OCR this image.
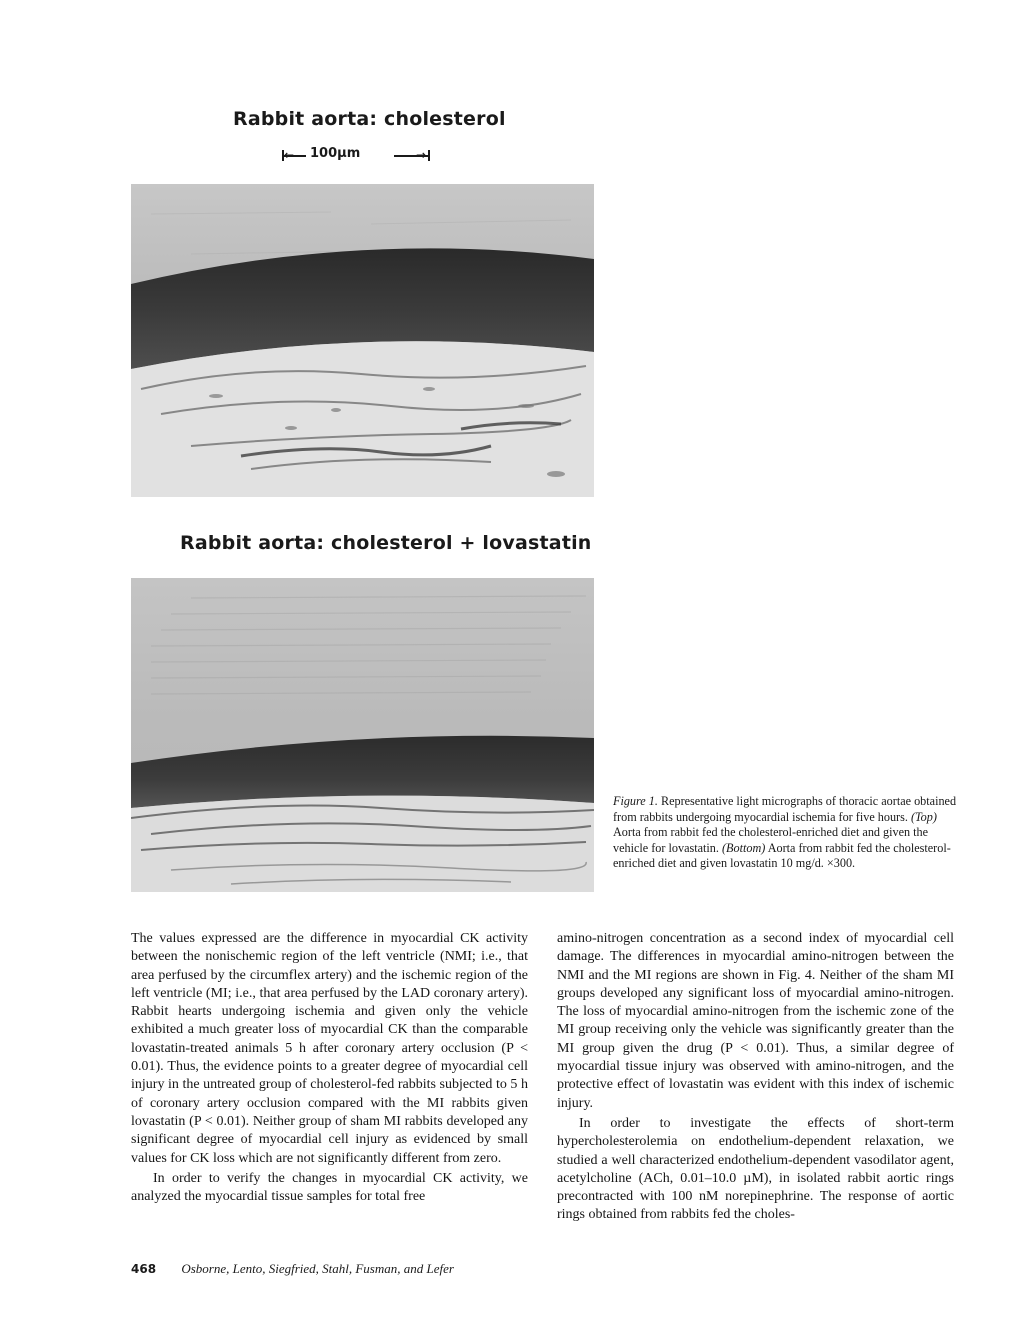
Rabbit aorta: cholesterol
100µm	→
Rabbit aorta: cholesterol + lovastatin

Figure 1. Representative light micrographs of thoracic aortae obtained from rabbits undergoing myocardial ischemia for five hours. (Top) Aorta from rabbit fed the cholesterol-enriched diet and given the vehicle for lovastatin. (Bottom) Aorta from rabbit fed the cholesterol-enriched diet and given lovastatin 10 mg/d. ×300.

The values expressed are the difference in myocardial CK activity between the nonischemic region of the left ventricle (NMI; i.e., that area perfused by the circumflex artery) and the ischemic region of the left ventricle (MI; i.e., that area perfused by the LAD coronary artery). Rabbit hearts undergoing ischemia and given only the vehicle exhibited a much greater loss of myocardial CK than the comparable lovastatin-treated animals 5 h after coronary artery occlusion (P < 0.01). Thus, the evidence points to a greater degree of myocardial cell injury in the untreated group of cholesterol-fed rabbits subjected to 5 h of coronary artery occlusion compared with the MI rabbits given lovastatin (P < 0.01). Neither group of sham MI rabbits developed any significant degree of myocardial cell injury as evidenced by small values for CK loss which are not significantly different from zero.

In order to verify the changes in myocardial CK activity, we analyzed the myocardial tissue samples for total free

amino-nitrogen concentration as a second index of myocardial cell damage. The differences in myocardial amino-nitrogen between the NMI and the MI regions are shown in Fig. 4. Neither of the sham MI groups developed any significant loss of myocardial amino-nitrogen. The loss of myocardial amino-nitrogen from the ischemic zone of the MI group receiving only the vehicle was significantly greater than the MI group given the drug (P < 0.01). Thus, a similar degree of myocardial tissue injury was observed with amino-nitrogen, and the protective effect of lovastatin was evident with this index of ischemic injury.

In order to investigate the effects of short-term hypercholesterolemia on endothelium-dependent relaxation, we studied a well characterized endothelium-dependent vasodilator agent, acetylcholine (ACh, 0.01–10.0 µM), in isolated rabbit aortic rings precontracted with 100 nM norepinephrine. The response of aortic rings obtained from rabbits fed the choles-

468 Osborne, Lento, Siegfried, Stahl, Fusman, and Lefer
